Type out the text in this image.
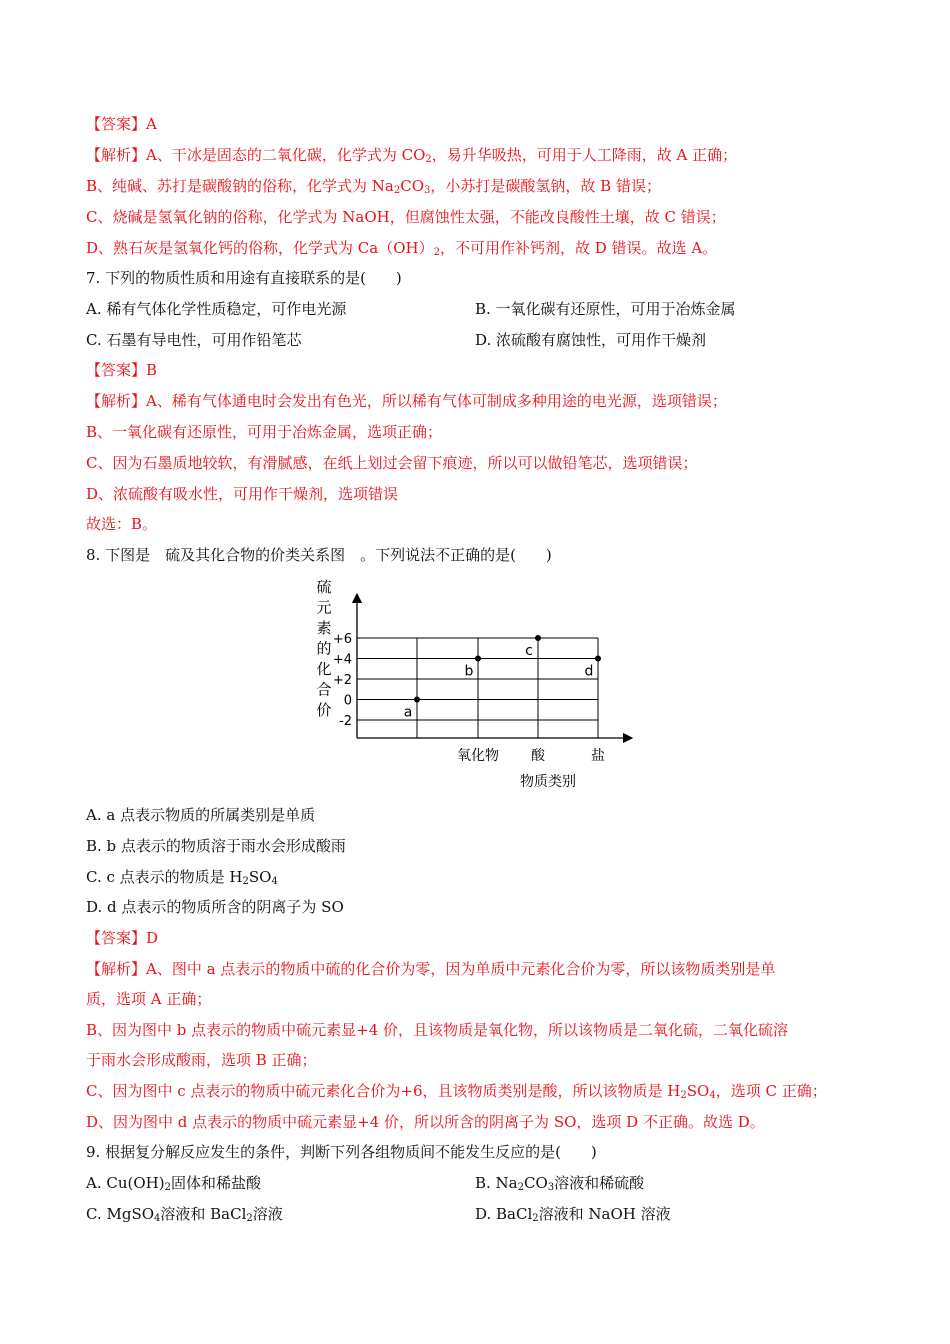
【答案】A
【解析】A、干冰是固态的二氧化碳，化学式为 $CO_2$，易升华吸热，可用于人工降雨，故 A 正确；
B、纯碱、苏打是碳酸钠的俗称，化学式为 $Na_2CO_3$，小苏打是碳酸氢钠，故 B 错误；
C、烧碱是氢氧化钠的俗称，化学式为 NaOH，但腐蚀性太强，不能改良酸性土壤，故 C 错误；
D、熟石灰是氢氧化钙的俗称，化学式为 $Ca(OH)_2$，不可用作补钙剂，故 D 错误。故选 A。
7. 下列的物质性质和用途有直接联系的是(　　)
A. 稀有气体化学性质稳定，可作电光源	B. 一氧化碳有还原性，可用于冶炼金属
C. 石墨有导电性，可用作铅笔芯	D. 浓硫酸有腐蚀性，可用作干燥剂
【答案】B
【解析】A、稀有气体通电时会发出有色光，所以稀有气体可制成多种用途的电光源，选项错误；
B、一氧化碳有还原性，可用于冶炼金属，选项正确；
C、因为石墨质地较软，有滑腻感，在纸上划过会留下痕迹，所以可以做铅笔芯，选项错误；
D、浓硫酸有吸水性，可用作干燥剂，选项错误
故选：B。
8. 下图是　硫及其化合物的价类关系图　。下列说法不正确的是(　　)
硫
元
素
的
化
合
价
+6
+4
+2
0
-2
氧化物 酸	盐
a
b
c
d
物质类别
A. a 点表示物质的所属类别是单质
B. b 点表示的物质溶于雨水会形成酸雨
C. c 点表示的物质是 $H_2SO_4$
D. d 点表示的物质所含的阴离子为 SO
【答案】D
【解析】A、图中 a 点表示的物质中硫的化合价为零，因为单质中元素化合价为零，所以该物质类别是单
质，选项 A 正确；
B、因为图中 b 点表示的物质中硫元素显+4 价，且该物质是氧化物，所以该物质是二氧化硫，二氧化硫溶
于雨水会形成酸雨，选项 B 正确；
C、因为图中 c 点表示的物质中硫元素化合价为+6，且该物质类别是酸，所以该物质是 $H_2SO_4$，选项 C 正确；
D、因为图中 d 点表示的物质中硫元素显+4 价，所以所含的阴离子为 SO，选项 D 不正确。故选 D。
9. 根据复分解反应发生的条件，判断下列各组物质间不能发生反应的是(　　)
A. $Cu(OH)_2$固体和稀盐酸	B. $Na_2CO_3$溶液和稀硫酸
C. MgSO$_4$溶液和 BaCl$_2$溶液	D. BaCl$_2$溶液和 NaOH 溶液
